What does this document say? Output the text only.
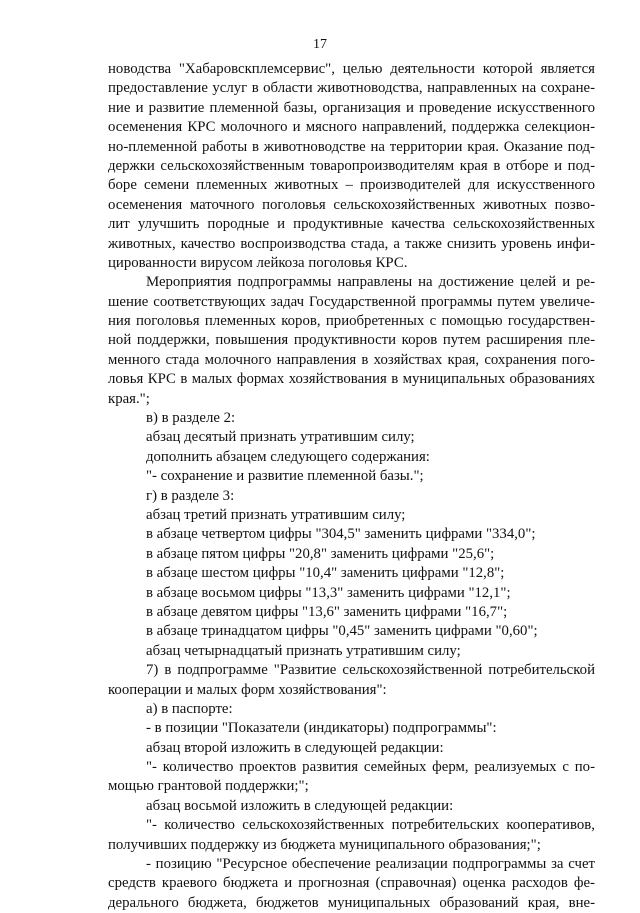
17
новодства "Хабаровскплемсервис", целью деятельности которой является
предоставление услуг в области животноводства, направленных на сохране-
ние и развитие племенной базы, организация и проведение искусственного
осеменения КРС молочного и мясного направлений, поддержка селекцион-
но-племенной работы в животноводстве на территории края. Оказание под-
держки сельскохозяйственным товаропроизводителям края в отборе и под-
боре семени племенных животных – производителей для искусственного
осеменения маточного поголовья сельскохозяйственных животных позво-
лит улучшить породные и продуктивные качества сельскохозяйственных
животных, качество воспроизводства стада, а также снизить уровень инфи-
цированности вирусом лейкоза поголовья КРС.
Мероприятия подпрограммы направлены на достижение целей и ре-
шение соответствующих задач Государственной программы путем увеличе-
ния поголовья племенных коров, приобретенных с помощью государствен-
ной поддержки, повышения продуктивности коров путем расширения пле-
менного стада молочного направления в хозяйствах края, сохранения пого-
ловья КРС в малых формах хозяйствования в муниципальных образованиях
края.";
в) в разделе 2:
абзац десятый признать утратившим силу;
дополнить абзацем следующего содержания:
"- сохранение и развитие племенной базы.";
г) в разделе 3:
абзац третий признать утратившим силу;
в абзаце четвертом цифры "304,5" заменить цифрами "334,0";
в абзаце пятом цифры "20,8" заменить цифрами "25,6";
в абзаце шестом цифры "10,4" заменить цифрами "12,8";
в абзаце восьмом цифры "13,3" заменить цифрами "12,1";
в абзаце девятом цифры "13,6" заменить цифрами "16,7";
в абзаце тринадцатом цифры "0,45" заменить цифрами "0,60";
абзац четырнадцатый признать утратившим силу;
7) в подпрограмме "Развитие сельскохозяйственной потребительской
кооперации и малых форм хозяйствования":
а) в паспорте:
- в позиции "Показатели (индикаторы) подпрограммы":
абзац второй изложить в следующей редакции:
"- количество проектов развития семейных ферм, реализуемых с по-
мощью грантовой поддержки;";
абзац восьмой изложить в следующей редакции:
"- количество сельскохозяйственных потребительских кооперативов,
получивших поддержку из бюджета муниципального образования;";
- позицию "Ресурсное обеспечение реализации подпрограммы за счет
средств краевого бюджета и прогнозная (справочная) оценка расходов фе-
дерального бюджета, бюджетов муниципальных образований края, вне-
